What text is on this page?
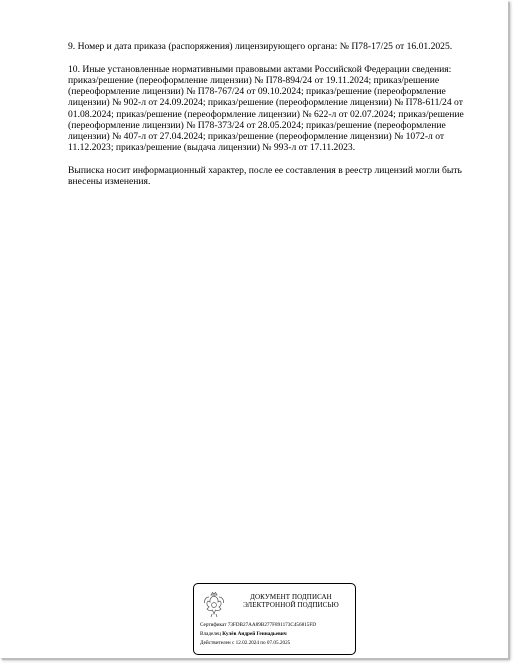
9. Номер и дата приказа (распоряжения) лицензирующего органа: № П78-17/25 от 16.01.2025.

10. Иные установленные нормативными правовыми актами Российской Федерации сведения:
приказ/решение (переоформление лицензии) № П78-894/24 от 19.11.2024; приказ/решение
(переоформление лицензии) № П78-767/24 от 09.10.2024; приказ/решение (переоформление
лицензии) № 902-л от 24.09.2024; приказ/решение (переоформление лицензии) № П78-611/24 от
01.08.2024; приказ/решение (переоформление лицензии) № 622-л от 02.07.2024; приказ/решение
(переоформление лицензии) № П78-373/24 от 28.05.2024; приказ/решение (переоформление
лицензии) № 407-л от 27.04.2024; приказ/решение (переоформление лицензии) № 1072-л от
11.12.2023; приказ/решение (выдача лицензии) № 993-л от 17.11.2023.

Выписка носит информационный характер, после ее составления в реестр лицензий могли быть
внесены изменения.

ДОКУМЕНТ ПОДПИСАН
ЭЛЕКТРОННОЙ ПОДПИСЬЮ
Сертификат 73FDB27AA89B277F891173C456815FD
Владелец Кулёв Андрей Геннадьевич
Действителен с 12.02.2024 по 07.05.2025
